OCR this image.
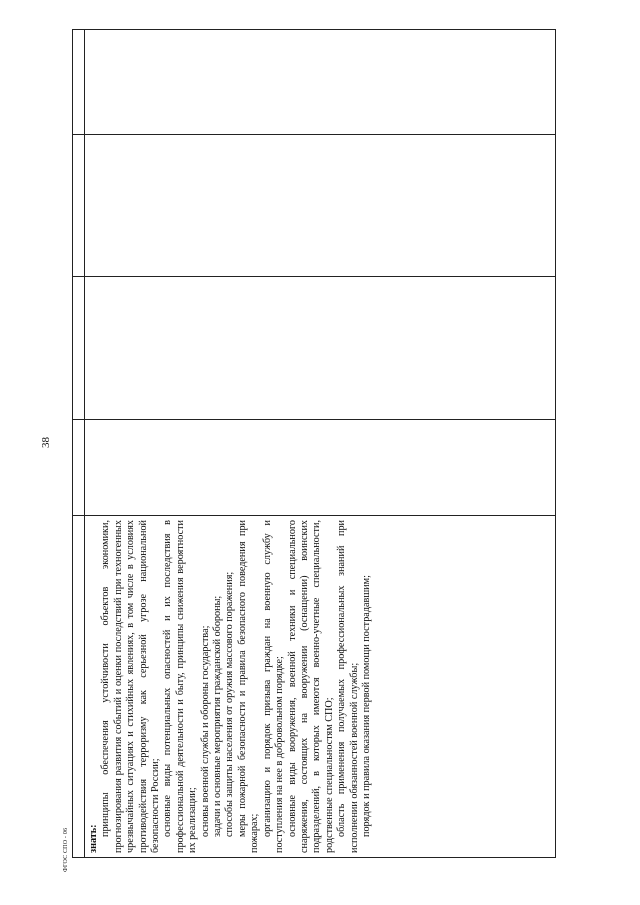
38
знать:

принципы обеспечения устойчивости объектов экономики, прогнозирования развития событий и оценки последствий при техногенных чрезвычайных ситуациях и стихийных явлениях, в том числе в условиях противодействия терроризму как серьезной угрозе национальной безопасности России; основные виды потенциальных опасностей и их последствия в профессиональной деятельности и быту, принципы снижения вероятности их реализации; основы военной службы и обороны государства; задачи и основные мероприятия гражданской обороны; способы защиты населения от оружия массового поражения; меры пожарной безопасности и правила безопасного поведения при пожарах; организацию и порядок призыва граждан на военную службу и поступления на нее в добровольном порядке; основные виды вооружения, военной техники и специального снаряжения, состоящих на вооружении (оснащении) воинских подразделений, в которых имеются военно-учетные специальности, родственные специальностям СПО; область применения получаемых профессиональных знаний при исполнении обязанностей военной службы; порядок и правила оказания первой помощи пострадавшим;

ФГОС СПО - 06
